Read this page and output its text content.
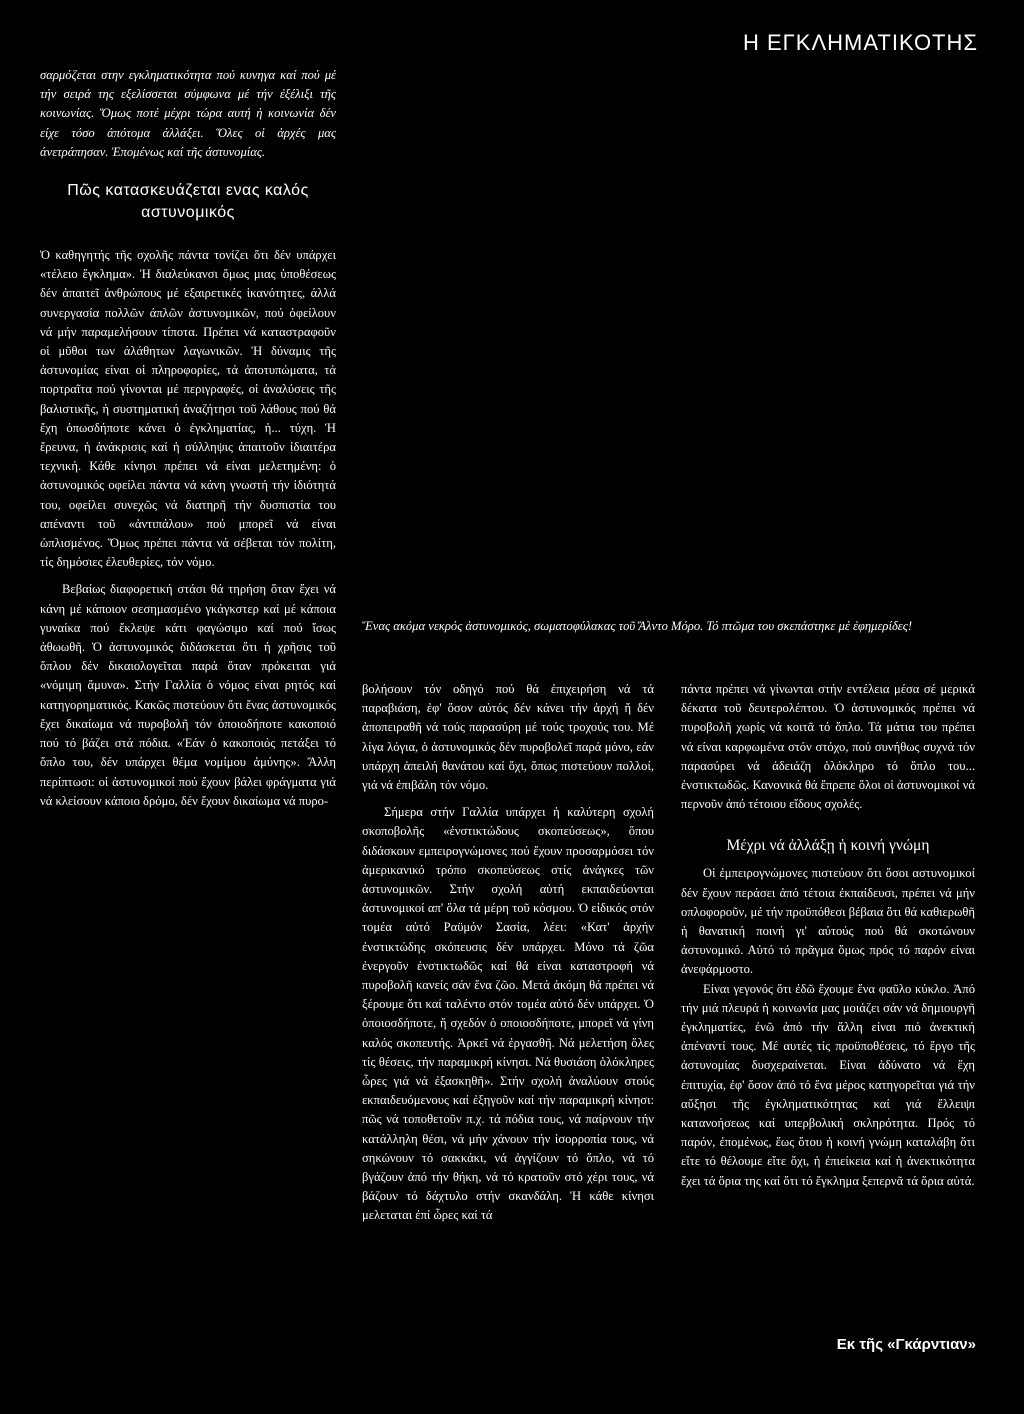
Η ΕΓΚΛΗΜΑΤΙΚΟΤΗΣ

σαρμόζεται στην εγκληματικότητα πού κυνηγα καί πού μέ τήν σειρά της εξελίσσεται σύμφωνα μέ τήν ἐξέλιξι τῆς κοινωνίας. Ὅμως ποτέ μέχρι τώρα αυτή ἡ κοινωνία δέν είχε τόσο άπότομα άλλάξει. Ὅλες οἱ ἀρχές μας άνετράπησαν. Ἐπομένως καί τῆς άστυνομίας.

Πῶς κατασκευάζεται ενας καλός αστυνομικός

Ὁ καθηγητής τῆς σχολῆς πάντα τονίζει ὅτι δέν υπάρχει «τέλειο ἔγκλημα». Ἡ διαλεύκανσι ὅμως μιας ὑποθέσεως δέν ἀπαιτεῖ ἀνθρώπους μέ εξαιρετικές ἱκανότητες, άλλά συνεργασία πολλῶν άπλῶν ἀστυνομικῶν, πού ὀφείλουν νά μήν παραμελήσουν τίποτα. Πρέπει νά καταστραφοῦν οἱ μῦθοι των άλάθητων λαγωνικῶν. Ἡ δύναμις τῆς ἀστυνομίας είναι οἱ πληροφορίες, τά ἀποτυπώματα, τά πορτραῖτα πού γίνονται μέ περιγραφές, οἱ ἀναλύσεις τῆς βαλιστικῆς, ἡ συστηματική ἀναζήτησι τοῦ λάθους πού θά ἔχη ὁπωσδήποτε κάνει ὁ ἐγκληματίας, ἡ... τύχη. Ἡ ἔρευνα, ἡ ἀνάκρισις καί ἡ σύλληψις ἀπαιτοῦν ἰδιαιτέρα τεχνική. Κάθε κίνησι πρέπει νά είναι μελετημένη: ὁ ἀστυνομικός οφείλει πάντα νά κάνη γνωστή τήν ἰδιότητά του, οφείλει συνεχῶς νά διατηρῆ τήν δυσπιστία του απέναντι τοῦ «ἀντιπάλου» πού μπορεῖ νά είναι ὡπλισμένος. Ὅμως πρέπει πάντα νά σέβεται τόν πολίτη, τίς δημόσιες ἐλευθερίες, τόν νόμο.

Βεβαίως διαφορετική στάσι θά τηρήση ὅταν ἔχει νά κάνη μέ κάποιον σεσημασμένο γκάγκστερ καί μέ κάποια γυναίκα πού ἔκλεψε κάτι φαγώσιμο καί πού ἴσως ἀθωωθῆ. Ὁ ἀστυνομικός διδάσκεται ὅτι ἡ χρῆσις τοῦ ὅπλου δέν δικαιολογεῖται παρά ὅταν πρόκειται γιά «νόμιμη ἄμυνα». Στήν Γαλλία ὁ νόμος είναι ρητός καί κατηγορηματικός. Κακῶς πιστεύουν ὅτι ἔνας ἀστυνομικός ἔχει δικαίωμα νά πυροβολῆ τόν ὁποιοδήποτε κακοποιό πού τό βάζει στά πόδια. «Ἐάν ὁ κακοποιός πετάξει τό ὅπλο του, δέν υπάρχει θέμα νομίμου ἀμύνης». Ἄλλη περίπτωσι: οἱ ἀστυνομικοί πού ἔχουν βάλει φράγματα γιά νά κλείσουν κάποιο δρόμο, δέν ἔχουν δικαίωμα νά πυρο-

Ἕνας ακόμα νεκρός ἀστυνομικός, σωματοφύλακας τοῦ Ἄλντο Μόρο. Τό πτῶμα του σκεπάστηκε μέ ἐφημερίδες!

βολήσουν τόν οδηγό πού θά ἐπιχειρήση νά τά παραβιάση, ἐφ' ὅσον αὐτός δέν κάνει τήν ἀρχή ἤ δέν ἀποπειραθῆ νά τούς παρασύρη μέ τούς τροχούς του. Μέ λίγα λόγια, ὁ ἀστυνομικός δέν πυροβολεῖ παρά μόνο, εάν υπάρχη ἀπειλή θανάτου καί ὄχι, ὅπως πιστεύουν πολλοί, γιά νά ἐπιβάλη τόν νόμο.

Σήμερα στήν Γαλλία υπάρχει ἡ καλύτερη σχολή σκοποβολῆς «ἐνστικτώδους σκοπεύσεως», ὅπου διδάσκουν εμπειρογνώμονες πού ἔχουν προσαρμόσει τόν ἀμερικανικό τρόπο σκοπεύσεως στίς ἀνάγκες τῶν ἀστυνομικῶν. Στήν σχολή αὐτή εκπαιδεύονται ἀστυνομικοί απ' ὅλα τά μέρη τοῦ κόσμου. Ὁ εἰδικός στόν τομέα αὐτό Ραϋμόν Σασία, λέει: «Κατ' ἀρχήν ἐνστικτώδης σκόπευσις δέν υπάρχει. Μόνο τά ζῶα ἐνεργοῦν ἐνστικτωδῶς καί θά είναι καταστροφή νά πυροβολῆ κανείς σάν ἕνα ζῶο. Μετά ἀκόμη θά πρέπει νά ξέρουμε ὅτι καί ταλέντο στόν τομέα αὐτό δέν υπάρχει. Ὁ ὁποιοσδήποτε, ἤ σχεδόν ὁ οποιοσδήποτε, μπορεῖ νά γίνη καλός σκοπευτής. Ἀρκεῖ νά ἐργασθῆ. Νά μελετήση ὅλες τίς θέσεις, τήν παραμικρή κίνησι. Νά θυσιάση ὁλόκληρες ὧρες γιά νά ἐξασκηθῆ». Στήν σχολή ἀναλύουν στούς εκπαιδευόμενους καί ἐξηγοῦν καί τήν παραμικρή κίνησι: πῶς νά τοποθετοῦν π.χ. τά πόδια τους, νά παίρνουν τήν κατάλληλη θέσι, νά μήν χάνουν τήν ἰσορροπία τους, νά σηκώνουν τό σακκάκι, νά ἀγγίζουν τό ὅπλο, νά τό βγάζουν ἀπό τήν θήκη, νά τό κρατοῦν στό χέρι τους, νά βάζουν τό δάχτυλο στήν σκανδάλη. Ἡ κάθε κίνησι μελεταται ἐπί ὧρες καί τά

πάντα πρέπει νά γίνωνται στήν εντέλεια μέσα σέ μερικά δέκατα τοῦ δευτερολέπτου. Ὁ ἀστυνομικός πρέπει νά πυροβολῆ χωρίς νά κοιτᾶ τό ὅπλο. Τά μάτια του πρέπει νά είναι καρφωμένα στόν στόχο, πού συνήθως συχνά τόν παρασύρει νά άδειάζη ὁλόκληρο τό ὅπλο του... ἐνστικτωδῶς. Κανονικά θά ἔπρεπε ὅλοι οἱ ἀστυνομικοί νά περνοῦν ἀπό τέτοιου εἴδους σχολές.

Μέχρι νά ἀλλάξῃ ἡ κοινή γνώμη

Οἱ ἐμπειρογνώμονες πιστεύουν ὅτι ὅσοι αστυνομικοί δέν ἔχουν περάσει ἀπό τέτοια ἐκπαίδευσι, πρέπει νά μήν οπλοφοροῦν, μέ τήν προϋπόθεσι βέβαια ὅτι θά καθιερωθῆ ἡ θανατική ποινή γι' αὐτούς πού θά σκοτώνουν ἀστυνομικό. Αὐτό τό πρᾶγμα ὅμως πρός τό παρόν είναι ἀνεφάρμοστο.

Είναι γεγονός ὅτι ἐδῶ ἔχουμε ἕνα φαῦλο κύκλο. Ἀπό τήν μιά πλευρά ἡ κοινωνία μας μοιάζει σάν νά δημιουργῆ ἐγκληματίες, ἐνῶ ἀπό τήν ἄλλη είναι πιό ἀνεκτική ἀπέναντί τους. Μέ αυτές τίς προϋποθέσεις, τό ἔργο τῆς ἀστυνομίας δυσχεραίνεται. Είναι ἀδύνατο νά ἔχη ἐπιτυχία, ἐφ' ὅσον ἀπό τό ἕνα μέρος κατηγορεῖται γιά τήν αὔξησι τῆς ἐγκληματικότητας καί γιά ἔλλειψι κατανοήσεως καί υπερβολική σκληρότητα. Πρός τό παρόν, ἐπομένως, ἕως ὅτου ἡ κοινή γνώμη καταλάβη ὅτι εἴτε τό θέλουμε εἴτε ὄχι, ἡ ἐπιείκεια καί ἡ ἀνεκτικότητα ἔχει τά ὅρια της καί ὅτι τό ἔγκλημα ξεπερνᾶ τά ὅρια αὐτά.

Εκ τῆς «Γκάρντιαν»
